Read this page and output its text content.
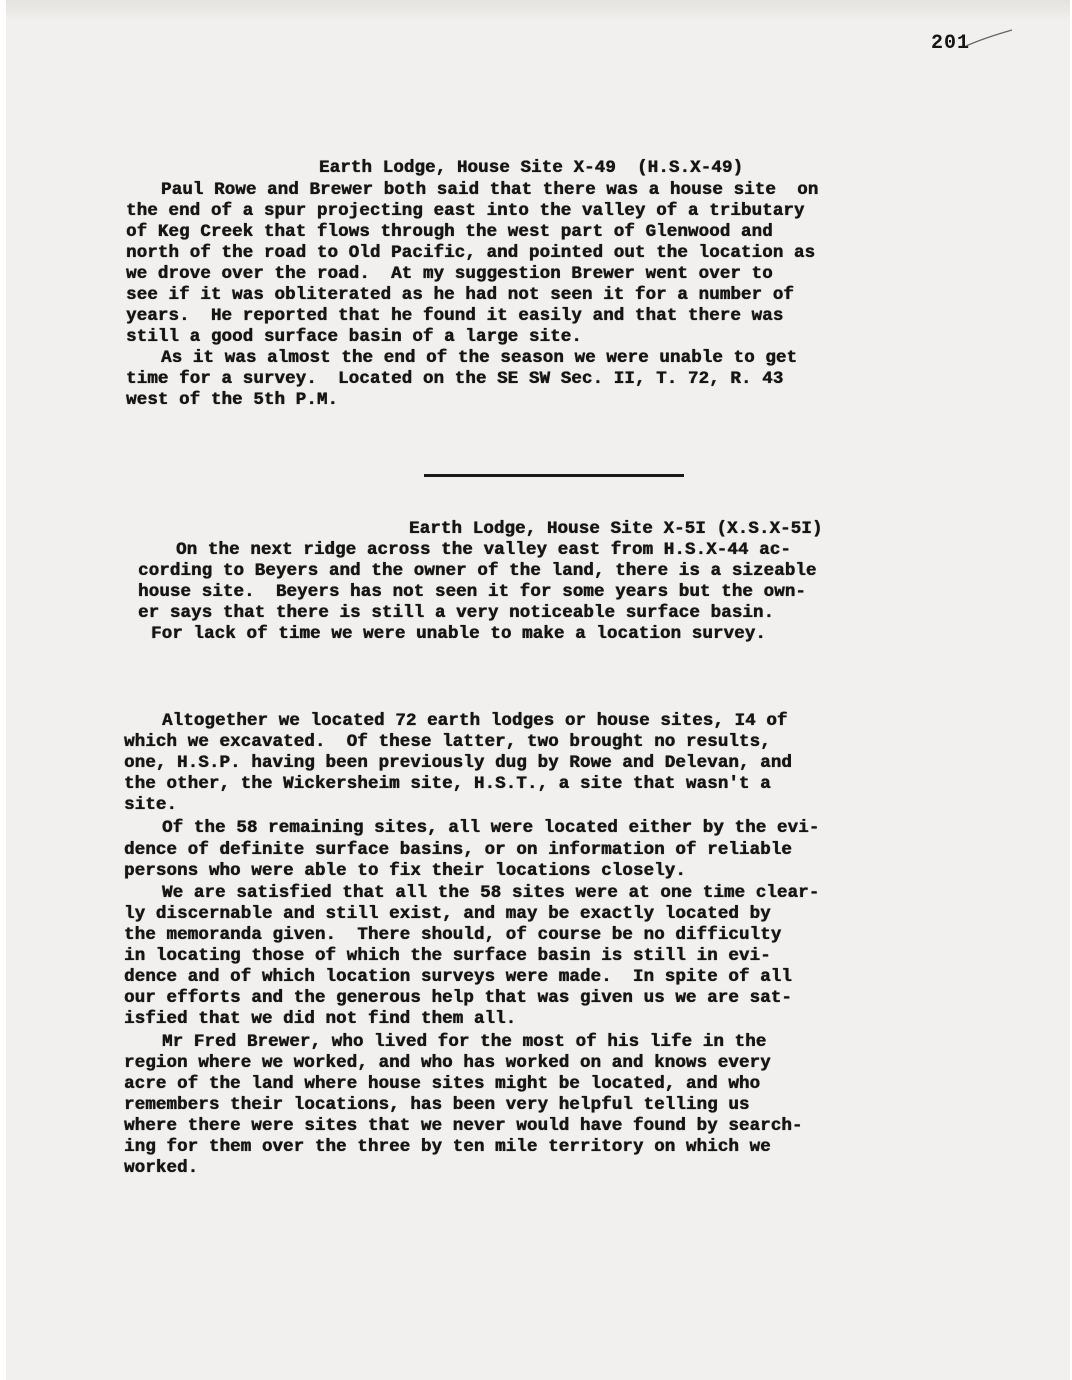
201
Earth Lodge, House Site X-49  (H.S.X-49)
Paul Rowe and Brewer both said that there was a house site  on
the end of a spur projecting east into the valley of a tributary
of Keg Creek that flows through the west part of Glenwood and
north of the road to Old Pacific, and pointed out the location as
we drove over the road.  At my suggestion Brewer went over to
see if it was obliterated as he had not seen it for a number of
years.  He reported that he found it easily and that there was
still a good surface basin of a large site.
As it was almost the end of the season we were unable to get
time for a survey.  Located on the SE SW Sec. II, T. 72, R. 43
west of the 5th P.M.
Earth Lodge, House Site X-5I (X.S.X-5I)
On the next ridge across the valley east from H.S.X-44 ac-
cording to Beyers and the owner of the land, there is a sizeable
house site.  Beyers has not seen it for some years but the own-
er says that there is still a very noticeable surface basin.
For lack of time we were unable to make a location survey.
Altogether we located 72 earth lodges or house sites, I4 of
which we excavated.  Of these latter, two brought no results,
one, H.S.P. having been previously dug by Rowe and Delevan, and
the other, the Wickersheim site, H.S.T., a site that wasn't a
site.
Of the 58 remaining sites, all were located either by the evi-
dence of definite surface basins, or on information of reliable
persons who were able to fix their locations closely.
We are satisfied that all the 58 sites were at one time clear-
ly discernable and still exist, and may be exactly located by
the memoranda given.  There should, of course be no difficulty
in locating those of which the surface basin is still in evi-
dence and of which location surveys were made.  In spite of all
our efforts and the generous help that was given us we are sat-
isfied that we did not find them all.
Mr Fred Brewer, who lived for the most of his life in the
region where we worked, and who has worked on and knows every
acre of the land where house sites might be located, and who
remembers their locations, has been very helpful telling us
where there were sites that we never would have found by search-
ing for them over the three by ten mile territory on which we
worked.
